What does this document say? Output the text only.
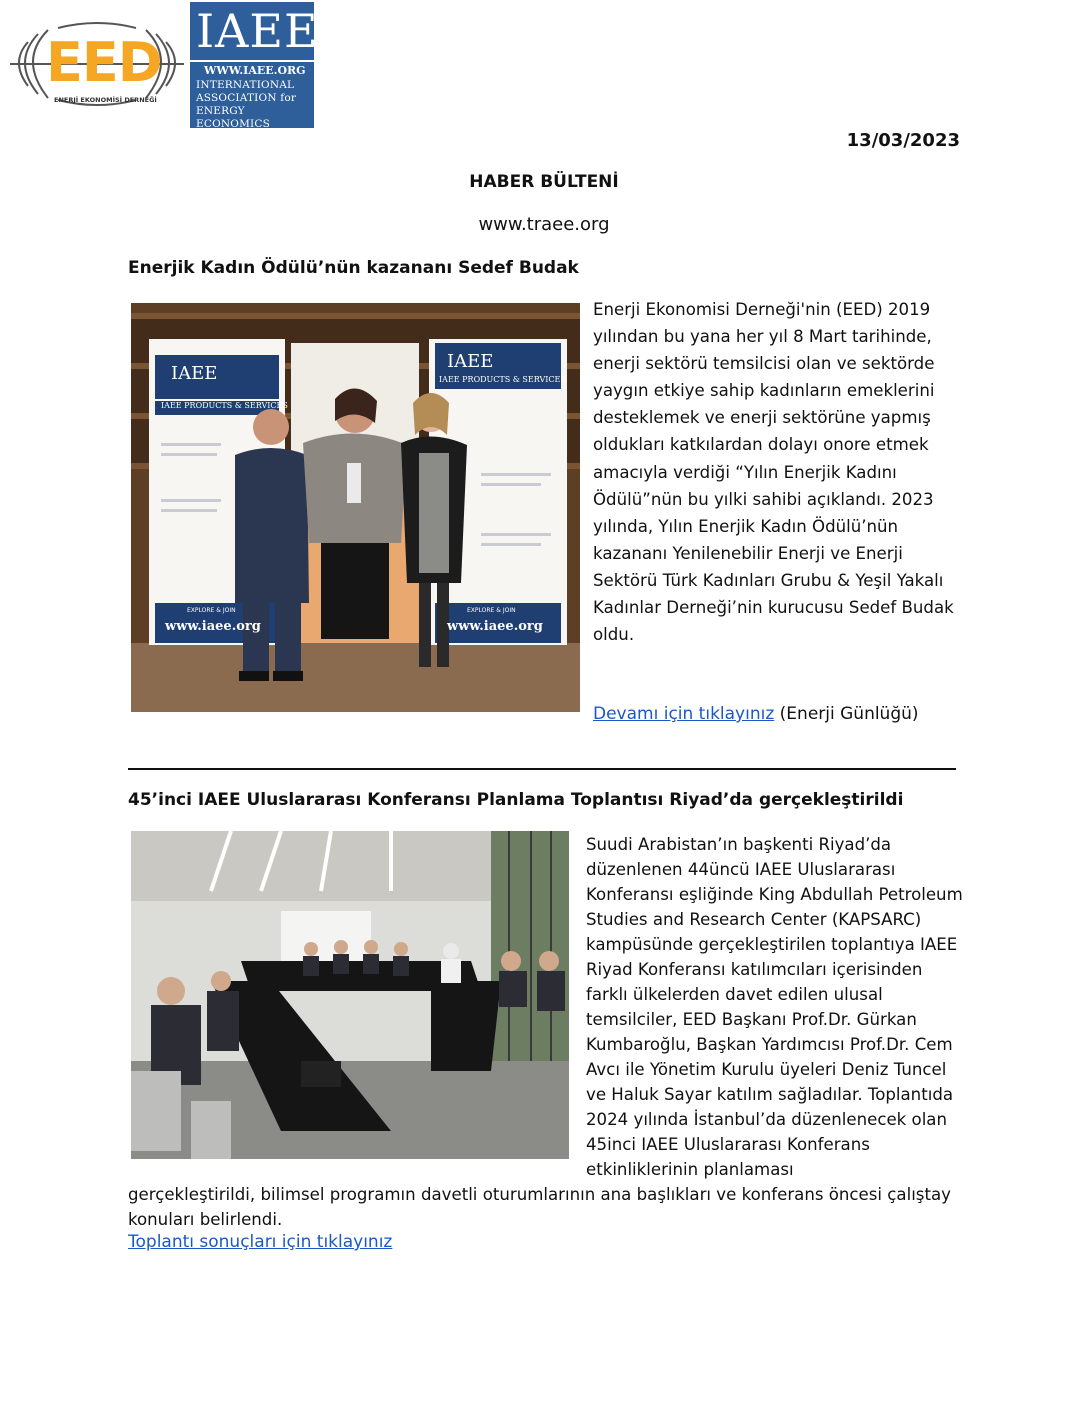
EED
ENERJİ EKONOMİSİ DERNEĞİ
IAEE
WWW.IAEE.ORG
INTERNATIONAL
ASSOCIATION for
ENERGY ECONOMICS
13/03/2023
HABER BÜLTENİ
www.traee.org
Enerjik Kadın Ödülü’nün kazananı Sedef Budak
IAEE
IAEE PRODUCTS & SERVICES
EXPLORE & JOIN
www.iaee.org
IAEE
IAEE PRODUCTS & SERVICES
EXPLORE & JOIN
www.iaee.org
Enerji Ekonomisi Derneği'nin (EED) 2019 yılından bu yana her yıl 8 Mart tarihinde, enerji sektörü temsilcisi olan ve sektörde yaygın etkiye sahip kadınların emeklerini desteklemek ve enerji sektörüne yapmış oldukları katkılardan dolayı onore etmek amacıyla verdiği “Yılın Enerjik Kadını Ödülü”nün bu yılki sahibi açıklandı. 2023 yılında, Yılın Enerjik Kadın Ödülü’nün kazananı Yenilenebilir Enerji ve Enerji Sektörü Türk Kadınları Grubu & Yeşil Yakalı Kadınlar Derneği’nin kurucusu Sedef Budak oldu.
Devamı için tıklayınız (Enerji Günlüğü)
45’inci IAEE Uluslararası Konferansı Planlama Toplantısı Riyad’da gerçekleştirildi
Suudi Arabistan’ın başkenti Riyad’da düzenlenen 44üncü IAEE Uluslararası Konferansı eşliğinde King Abdullah Petroleum Studies and Research Center (KAPSARC) kampüsünde gerçekleştirilen toplantıya IAEE Riyad Konferansı katılımcıları içerisinden farklı ülkelerden davet edilen ulusal temsilciler, EED Başkanı Prof.Dr. Gürkan Kumbaroğlu, Başkan Yardımcısı Prof.Dr. Cem Avcı ile Yönetim Kurulu üyeleri Deniz Tuncel ve Haluk Sayar katılım sağladılar. Toplantıda 2024 yılında İstanbul’da düzenlenecek olan 45inci IAEE Uluslararası Konferans etkinliklerinin planlaması
gerçekleştirildi, bilimsel programın davetli oturumlarının ana başlıkları ve konferans öncesi çalıştay konuları belirlendi.
Toplantı sonuçları için tıklayınız
